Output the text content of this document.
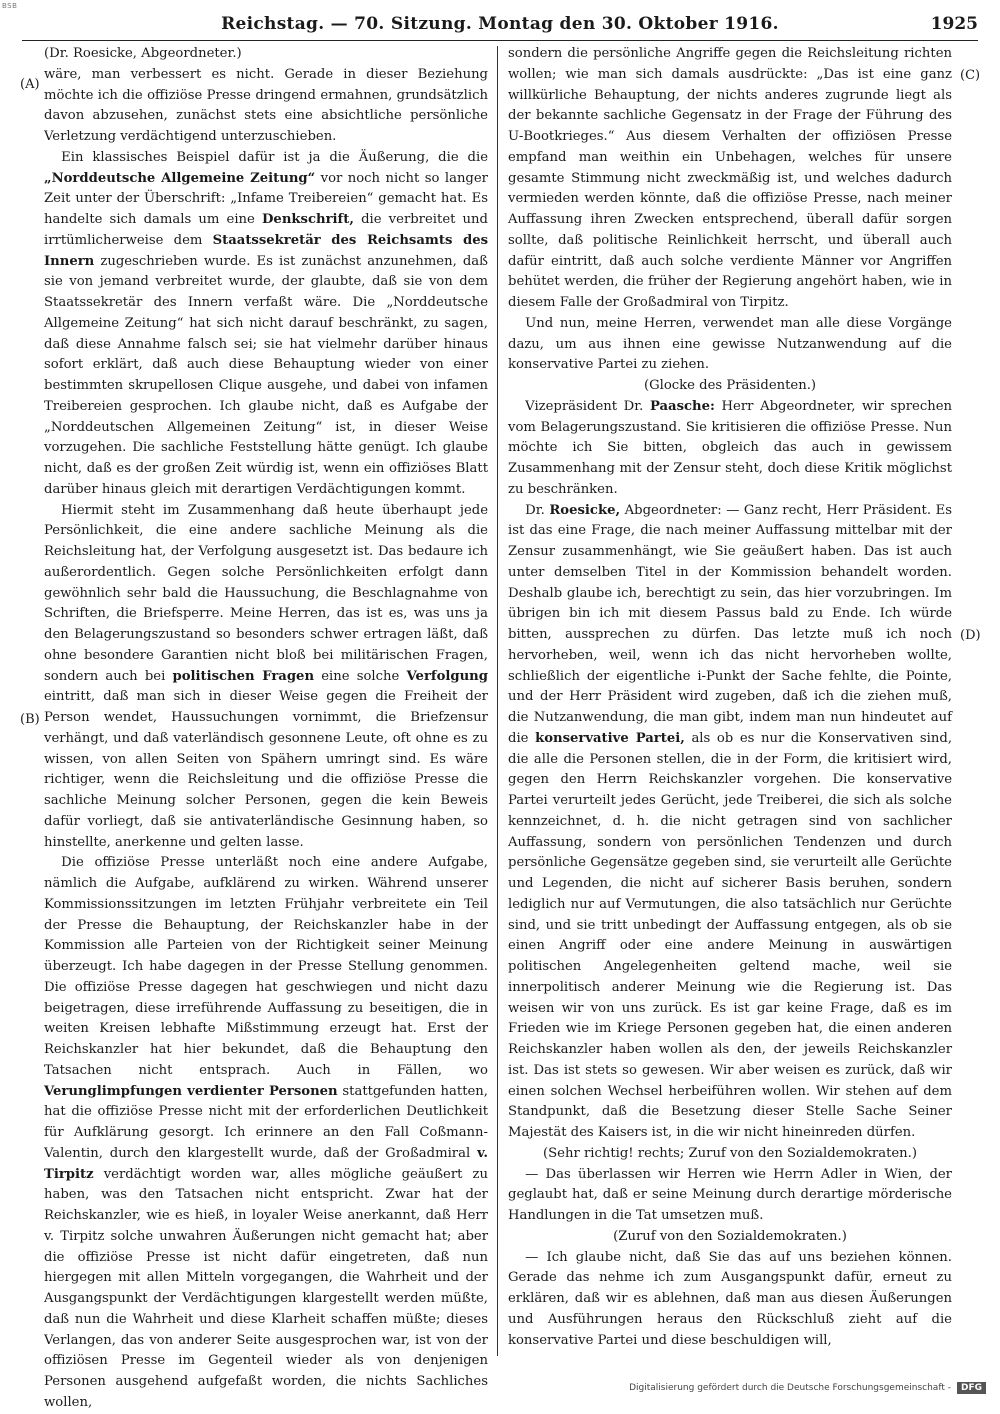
BSB
Reichstag. — 70. Sitzung. Montag den 30. Oktober 1916.	1925
(A)
(B)
(C)
(D)

(Dr. Roesicke, Abgeordneter.)

wäre, man verbessert es nicht. Gerade in dieser Beziehung möchte ich die offiziöse Presse dringend ermahnen, grundsätzlich davon abzusehen, zunächst stets eine absichtliche persönliche Verletzung verdächtigend unterzuschieben.

Ein klassisches Beispiel dafür ist ja die Äußerung, die die „Norddeutsche Allgemeine Zeitung“ vor noch nicht so langer Zeit unter der Überschrift: „Infame Treibereien“ gemacht hat. Es handelte sich damals um eine Denkschrift, die verbreitet und irrtümlicherweise dem Staatssekretär des Reichsamts des Innern zugeschrieben wurde. Es ist zunächst anzunehmen, daß sie von jemand verbreitet wurde, der glaubte, daß sie von dem Staatssekretär des Innern verfaßt wäre. Die „Norddeutsche Allgemeine Zeitung“ hat sich nicht darauf beschränkt, zu sagen, daß diese Annahme falsch sei; sie hat vielmehr darüber hinaus sofort erklärt, daß auch diese Behauptung wieder von einer bestimmten skrupellosen Clique ausgehe, und dabei von infamen Treibereien gesprochen. Ich glaube nicht, daß es Aufgabe der „Norddeutschen Allgemeinen Zeitung“ ist, in dieser Weise vorzugehen. Die sachliche Feststellung hätte genügt. Ich glaube nicht, daß es der großen Zeit würdig ist, wenn ein offiziöses Blatt darüber hinaus gleich mit derartigen Verdächtigungen kommt.

Hiermit steht im Zusammenhang daß heute überhaupt jede Persönlichkeit, die eine andere sachliche Meinung als die Reichsleitung hat, der Verfolgung ausgesetzt ist. Das bedaure ich außerordentlich. Gegen solche Persönlichkeiten erfolgt dann gewöhnlich sehr bald die Haussuchung, die Beschlagnahme von Schriften, die Briefsperre. Meine Herren, das ist es, was uns ja den Belagerungszustand so besonders schwer ertragen läßt, daß ohne besondere Garantien nicht bloß bei militärischen Fragen, sondern auch bei politischen Fragen eine solche Verfolgung eintritt, daß man sich in dieser Weise gegen die Freiheit der Person wendet, Haussuchungen vornimmt, die Briefzensur verhängt, und daß vaterländisch gesonnene Leute, oft ohne es zu wissen, von allen Seiten von Spähern umringt sind. Es wäre richtiger, wenn die Reichsleitung und die offiziöse Presse die sachliche Meinung solcher Personen, gegen die kein Beweis dafür vorliegt, daß sie antivaterländische Gesinnung haben, so hinstellte, anerkenne und gelten lasse.

Die offiziöse Presse unterläßt noch eine andere Aufgabe, nämlich die Aufgabe, aufklärend zu wirken. Während unserer Kommissionssitzungen im letzten Frühjahr verbreitete ein Teil der Presse die Behauptung, der Reichskanzler habe in der Kommission alle Parteien von der Richtigkeit seiner Meinung überzeugt. Ich habe dagegen in der Presse Stellung genommen. Die offiziöse Presse dagegen hat geschwiegen und nicht dazu beigetragen, diese irreführende Auffassung zu beseitigen, die in weiten Kreisen lebhafte Mißstimmung erzeugt hat. Erst der Reichskanzler hat hier bekundet, daß die Behauptung den Tatsachen nicht entsprach. Auch in Fällen, wo Verunglimpfungen verdienter Personen stattgefunden hatten, hat die offiziöse Presse nicht mit der erforderlichen Deutlichkeit für Aufklärung gesorgt. Ich erinnere an den Fall Coßmann-Valentin, durch den klargestellt wurde, daß der Großadmiral v. Tirpitz verdächtigt worden war, alles mögliche geäußert zu haben, was den Tatsachen nicht entspricht. Zwar hat der Reichskanzler, wie es hieß, in loyaler Weise anerkannt, daß Herr v. Tirpitz solche unwahren Äußerungen nicht gemacht hat; aber die offiziöse Presse ist nicht dafür eingetreten, daß nun hiergegen mit allen Mitteln vorgegangen, die Wahrheit und der Ausgangspunkt der Verdächtigungen klargestellt werden müßte, daß nun die Wahrheit und diese Klarheit schaffen müßte; dieses Verlangen, das von anderer Seite ausgesprochen war, ist von der offiziösen Presse im Gegenteil wieder als von denjenigen Personen ausgehend aufgefaßt worden, die nichts Sachliches wollen,

sondern die persönliche Angriffe gegen die Reichsleitung richten wollen; wie man sich damals ausdrückte: „Das ist eine ganz willkürliche Behauptung, der nichts anderes zugrunde liegt als der bekannte sachliche Gegensatz in der Frage der Führung des U-Bootkrieges.“ Aus diesem Verhalten der offiziösen Presse empfand man weithin ein Unbehagen, welches für unsere gesamte Stimmung nicht zweckmäßig ist, und welches dadurch vermieden werden könnte, daß die offiziöse Presse, nach meiner Auffassung ihren Zwecken entsprechend, überall dafür sorgen sollte, daß politische Reinlichkeit herrscht, und überall auch dafür eintritt, daß auch solche verdiente Männer vor Angriffen behütet werden, die früher der Regierung angehört haben, wie in diesem Falle der Großadmiral von Tirpitz.

Und nun, meine Herren, verwendet man alle diese Vorgänge dazu, um aus ihnen eine gewisse Nutzanwendung auf die konservative Partei zu ziehen.

(Glocke des Präsidenten.)

Vizepräsident Dr. Paasche: Herr Abgeordneter, wir sprechen vom Belagerungszustand. Sie kritisieren die offiziöse Presse. Nun möchte ich Sie bitten, obgleich das auch in gewissem Zusammenhang mit der Zensur steht, doch diese Kritik möglichst zu beschränken.

Dr. Roesicke, Abgeordneter: — Ganz recht, Herr Präsident. Es ist das eine Frage, die nach meiner Auffassung mittelbar mit der Zensur zusammenhängt, wie Sie geäußert haben. Das ist auch unter demselben Titel in der Kommission behandelt worden. Deshalb glaube ich, berechtigt zu sein, das hier vorzubringen. Im übrigen bin ich mit diesem Passus bald zu Ende. Ich würde bitten, aussprechen zu dürfen. Das letzte muß ich noch hervorheben, weil, wenn ich das nicht hervorheben wollte, schließlich der eigentliche i-Punkt der Sache fehlte, die Pointe, und der Herr Präsident wird zugeben, daß ich die ziehen muß, die Nutzanwendung, die man gibt, indem man nun hindeutet auf die konservative Partei, als ob es nur die Konservativen sind, die alle die Personen stellen, die in der Form, die kritisiert wird, gegen den Herrn Reichskanzler vorgehen. Die konservative Partei verurteilt jedes Gerücht, jede Treiberei, die sich als solche kennzeichnet, d. h. die nicht getragen sind von sachlicher Auffassung, sondern von persönlichen Tendenzen und durch persönliche Gegensätze gegeben sind, sie verurteilt alle Gerüchte und Legenden, die nicht auf sicherer Basis beruhen, sondern lediglich nur auf Vermutungen, die also tatsächlich nur Gerüchte sind, und sie tritt unbedingt der Auffassung entgegen, als ob sie einen Angriff oder eine andere Meinung in auswärtigen politischen Angelegenheiten geltend mache, weil sie innerpolitisch anderer Meinung wie die Regierung ist. Das weisen wir von uns zurück. Es ist gar keine Frage, daß es im Frieden wie im Kriege Personen gegeben hat, die einen anderen Reichskanzler haben wollen als den, der jeweils Reichskanzler ist. Das ist stets so gewesen. Wir aber weisen es zurück, daß wir einen solchen Wechsel herbeiführen wollen. Wir stehen auf dem Standpunkt, daß die Besetzung dieser Stelle Sache Seiner Majestät des Kaisers ist, in die wir nicht hineinreden dürfen.

(Sehr richtig! rechts; Zuruf von den Sozialdemokraten.)

— Das überlassen wir Herren wie Herrn Adler in Wien, der geglaubt hat, daß er seine Meinung durch derartige mörderische Handlungen in die Tat umsetzen muß.

(Zuruf von den Sozialdemokraten.)

— Ich glaube nicht, daß Sie das auf uns beziehen können. Gerade das nehme ich zum Ausgangspunkt dafür, erneut zu erklären, daß wir es ablehnen, daß man aus diesen Äußerungen und Ausführungen heraus den Rückschluß zieht auf die konservative Partei und diese beschuldigen will,

Digitalisierung gefördert durch die Deutsche Forschungsgemeinschaft -	DFG
